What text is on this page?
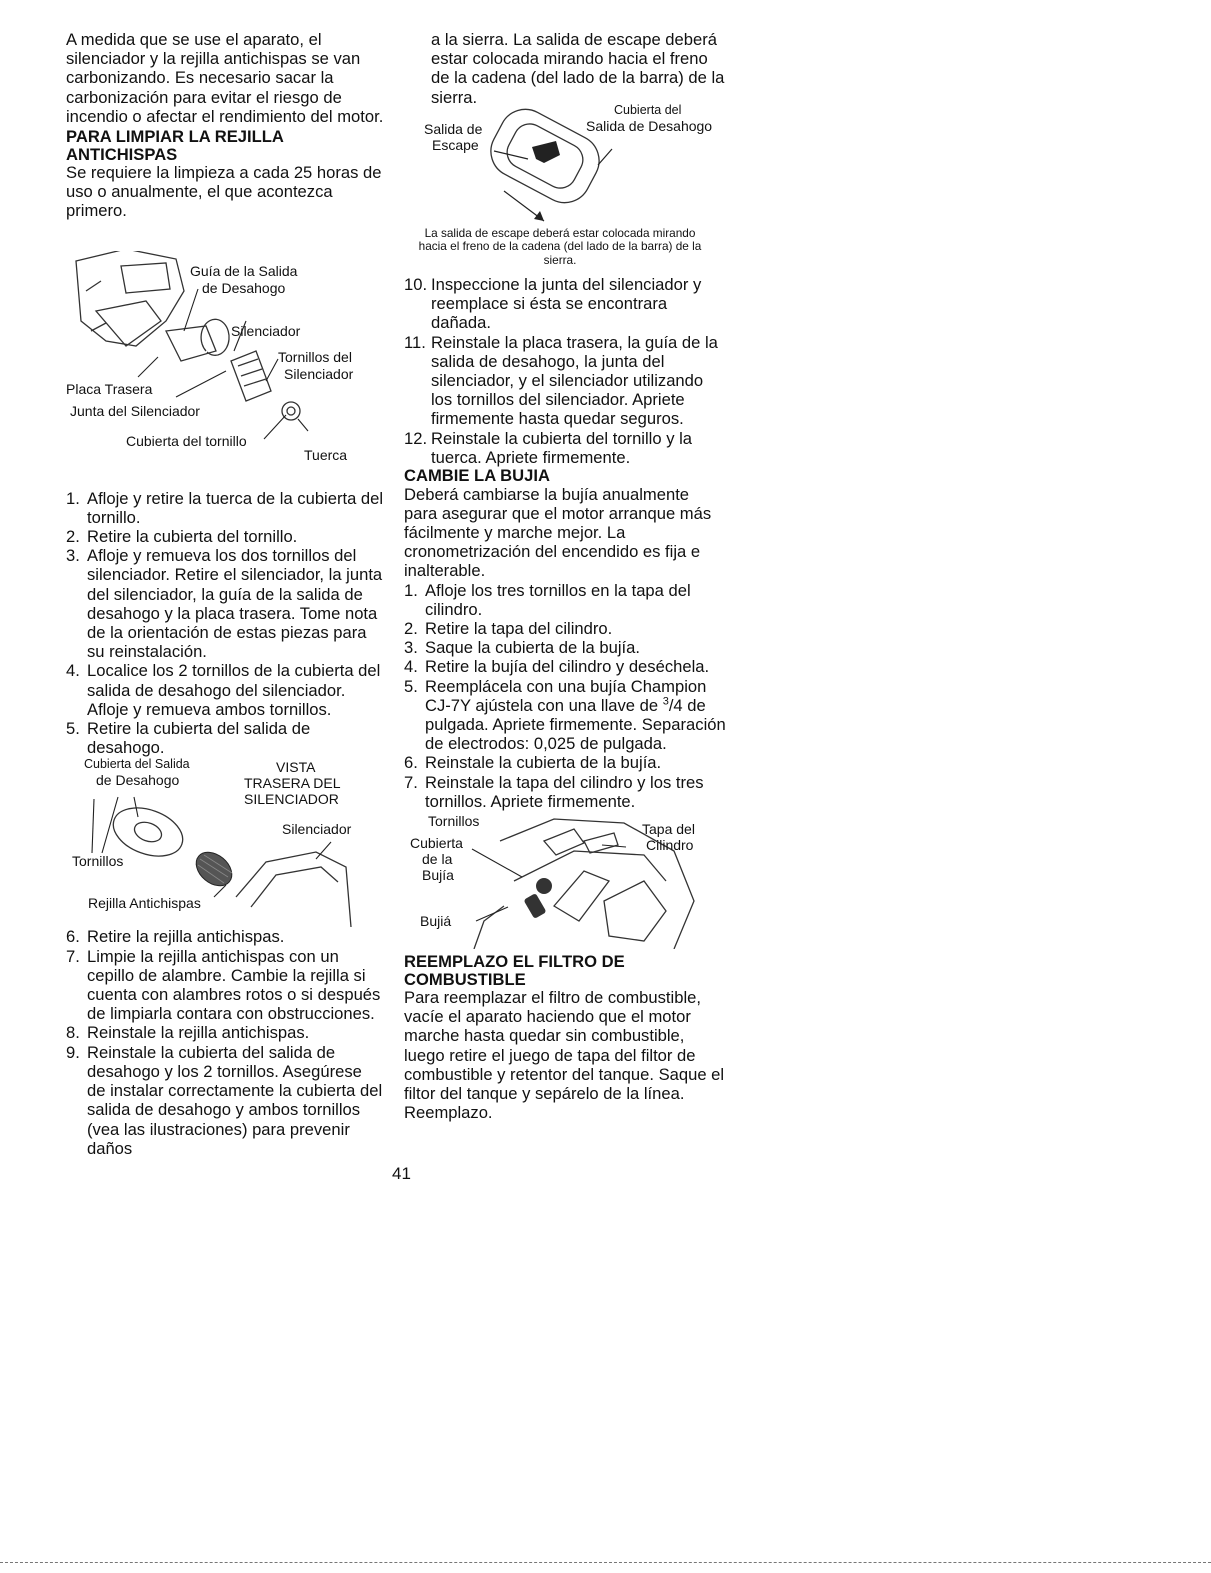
A medida que se use el aparato, el silenciador y la rejilla antichispas se van carbonizando. Es necesario sacar la carbonización para evitar el riesgo de incendio o afectar el rendimiento del motor.

PARA LIMPIAR LA REJILLA ANTICHISPAS

Se requiere la limpieza a cada 25 horas de uso o anualmente, el que acontezca primero.

Guía de la Salida
de Desahogo
Silenciador
Tornillos del
Silenciador
Placa Trasera
Junta del Silenciador
Cubierta del tornillo
Tuerca
1. Afloje y retire la tuerca de la cubierta del tornillo.
2. Retire la cubierta del tornillo.
3. Afloje y remueva los dos tornillos del silenciador. Retire el silenciador, la junta del silenciador, la guía de la salida de desahogo y la placa trasera. Tome nota de la orientación de estas piezas para su reinstalación.
4. Localice los 2 tornillos de la cubierta del salida de desahogo del silenciador. Afloje y remueva ambos tornillos.
5. Retire la cubierta del salida de desahogo.
Cubierta del Salida
de Desahogo
VISTA
TRASERA DEL
SILENCIADOR
Silenciador
Tornillos
Rejilla Antichispas
6. Retire la rejilla antichispas.
7. Limpie la rejilla antichispas con un cepillo de alambre. Cambie la rejilla si cuenta con alambres rotos o si después de limpiarla contara con obstrucciones.
8. Reinstale la rejilla antichispas.
9. Reinstale la cubierta del salida de desahogo y los 2 tornillos. Asegúrese de instalar correctamente la cubierta del salida de desahogo y ambos tornillos (vea las ilustraciones) para prevenir daños

a la sierra. La salida de escape deberá estar colocada mirando hacia el freno de la cadena (del lado de la barra) de la sierra.

Cubierta del
Salida de Desahogo
Salida de
Escape

La salida de escape deberá estar colocada mirando hacia el freno de la cadena (del lado de la barra) de la sierra.

10. Inspeccione la junta del silenciador y reemplace si ésta se encontrara dañada.
11. Reinstale la placa trasera, la guía de la salida de desahogo, la junta del silenciador, y el silenciador utilizando los tornillos del silenciador. Apriete firmemente hasta quedar seguros.
12. Reinstale la cubierta del tornillo y la tuerca. Apriete firmemente.

CAMBIE LA BUJIA

Deberá cambiarse la bujía anualmente para asegurar que el motor arranque más fácilmente y marche mejor. La cronometrización del encendido es fija e inalterable.

1. Afloje los tres tornillos en la tapa del cilindro.
2. Retire la tapa del cilindro.
3. Saque la cubierta de la bujía.
4. Retire la bujía del cilindro y deséchela.
5. Reemplácela con una bujía Champion CJ-7Y ajústela con una llave de $^3$/4 de pulgada. Apriete firmemente. Separación de electrodos: 0,025 de pulgada.
6. Reinstale la cubierta de la bujía.
7. Reinstale la tapa del cilindro y los tres tornillos. Apriete firmemente.
Tornillos	Tapa del
Cilindro
Cubierta
de la
Bujía
Bujiá

REEMPLAZO EL FILTRO DE COMBUSTIBLE

Para reemplazar el filtro de combustible, vacíe el aparato haciendo que el motor marche hasta quedar sin combustible, luego retire el juego de tapa del filtor de combustible y retentor del tanque. Saque el filtor del tanque y sepárelo de la línea. Reemplazo.

41
